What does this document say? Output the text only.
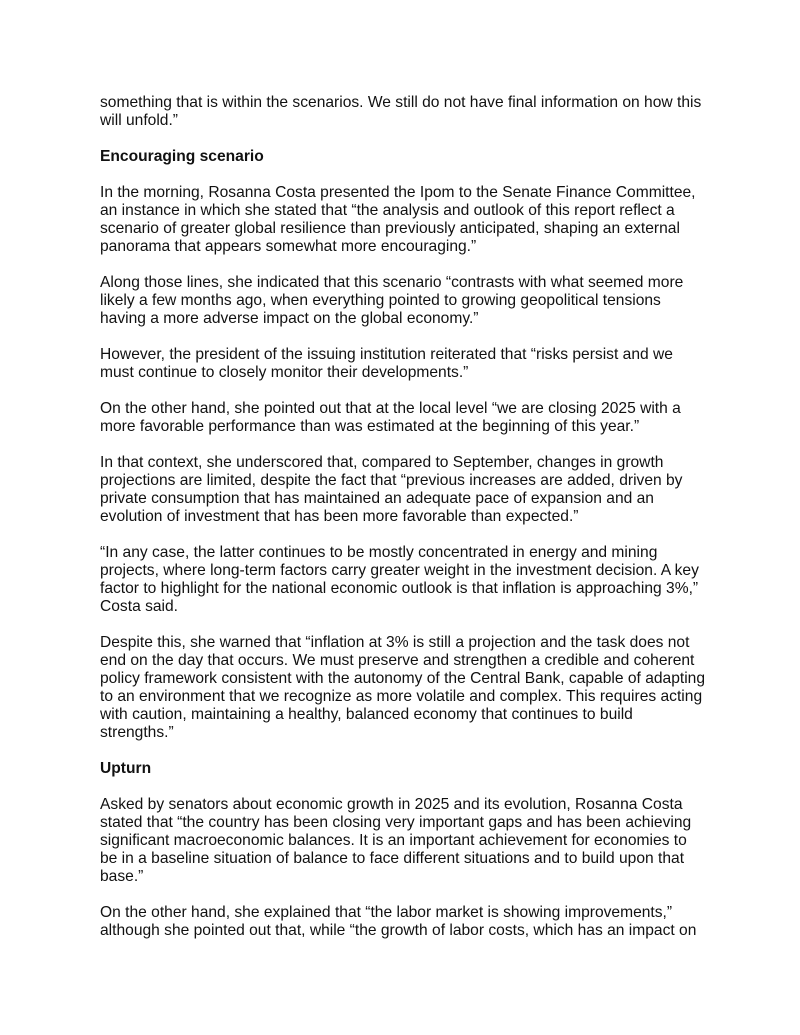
something that is within the scenarios. We still do not have final information on how this
will unfold.”
Encouraging scenario
In the morning, Rosanna Costa presented the Ipom to the Senate Finance Committee,
an instance in which she stated that “the analysis and outlook of this report reflect a
scenario of greater global resilience than previously anticipated, shaping an external
panorama that appears somewhat more encouraging.”
Along those lines, she indicated that this scenario “contrasts with what seemed more
likely a few months ago, when everything pointed to growing geopolitical tensions
having a more adverse impact on the global economy.”
However, the president of the issuing institution reiterated that “risks persist and we
must continue to closely monitor their developments.”
On the other hand, she pointed out that at the local level “we are closing 2025 with a
more favorable performance than was estimated at the beginning of this year.”
In that context, she underscored that, compared to September, changes in growth
projections are limited, despite the fact that “previous increases are added, driven by
private consumption that has maintained an adequate pace of expansion and an
evolution of investment that has been more favorable than expected.”
“In any case, the latter continues to be mostly concentrated in energy and mining
projects, where long-term factors carry greater weight in the investment decision. A key
factor to highlight for the national economic outlook is that inflation is approaching 3%,”
Costa said.
Despite this, she warned that “inflation at 3% is still a projection and the task does not
end on the day that occurs. We must preserve and strengthen a credible and coherent
policy framework consistent with the autonomy of the Central Bank, capable of adapting
to an environment that we recognize as more volatile and complex. This requires acting
with caution, maintaining a healthy, balanced economy that continues to build
strengths.”
Upturn
Asked by senators about economic growth in 2025 and its evolution, Rosanna Costa
stated that “the country has been closing very important gaps and has been achieving
significant macroeconomic balances. It is an important achievement for economies to
be in a baseline situation of balance to face different situations and to build upon that
base.”
On the other hand, she explained that “the labor market is showing improvements,”
although she pointed out that, while “the growth of labor costs, which has an impact on
